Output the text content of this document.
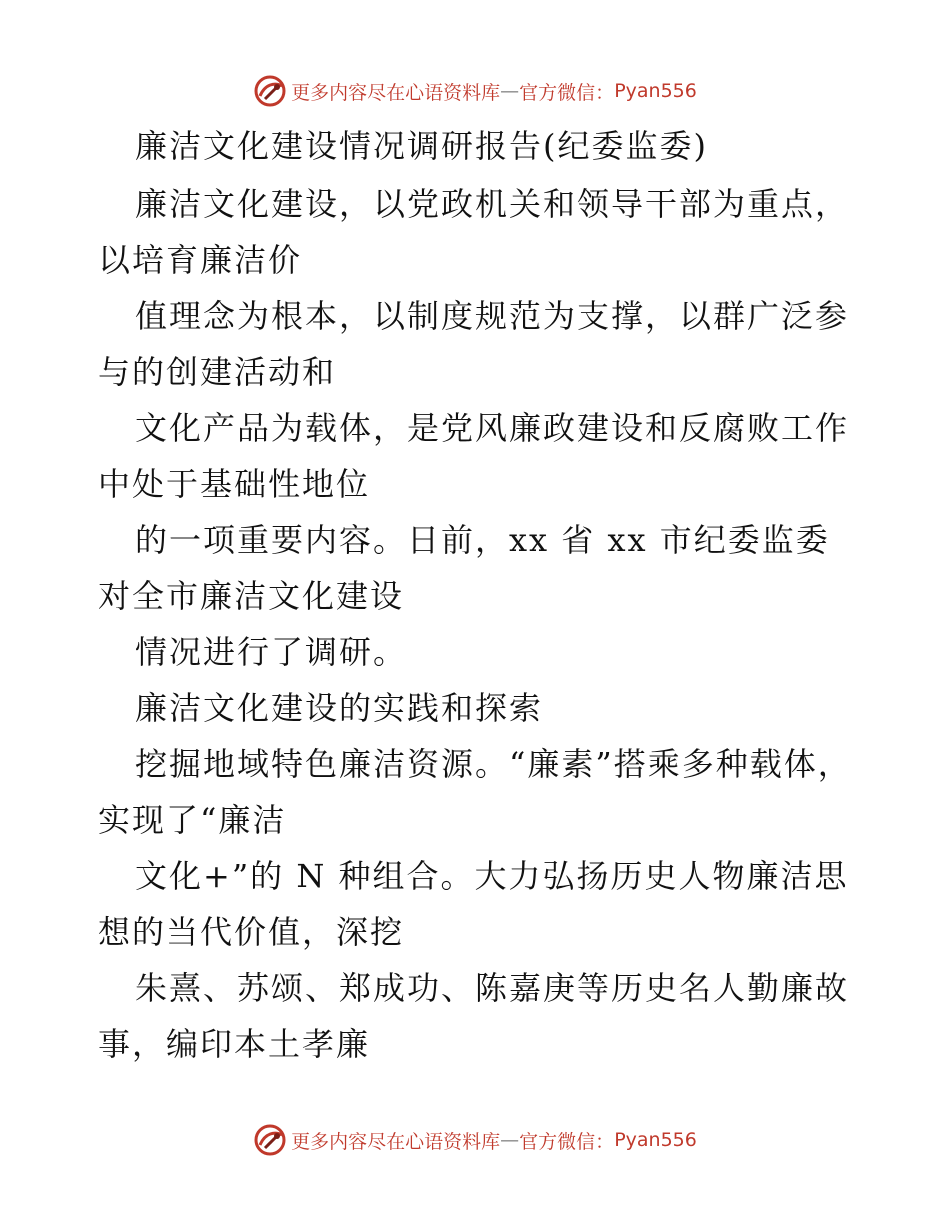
更多内容尽在心语资料库 — 官方微信： Pyan556

廉洁文化建设情况调研报告(纪委监委)

廉洁文化建设，以党政机关和领导干部为重点，以培育廉洁价

值理念为根本，以制度规范为支撑，以群广泛参与的创建活动和

文化产品为载体，是党风廉政建设和反腐败工作中处于基础性地位

的一项重要内容。日前，xx 省 xx 市纪委监委对全市廉洁文化建设

情况进行了调研。

廉洁文化建设的实践和探索

挖掘地域特色廉洁资源。“廉素”搭乘多种载体，实现了“廉洁

文化+”的 N 种组合。大力弘扬历史人物廉洁思想的当代价值，深挖

朱熹、苏颂、郑成功、陈嘉庚等历史名人勤廉故事，编印本土孝廉

更多内容尽在心语资料库 — 官方微信： Pyan556
